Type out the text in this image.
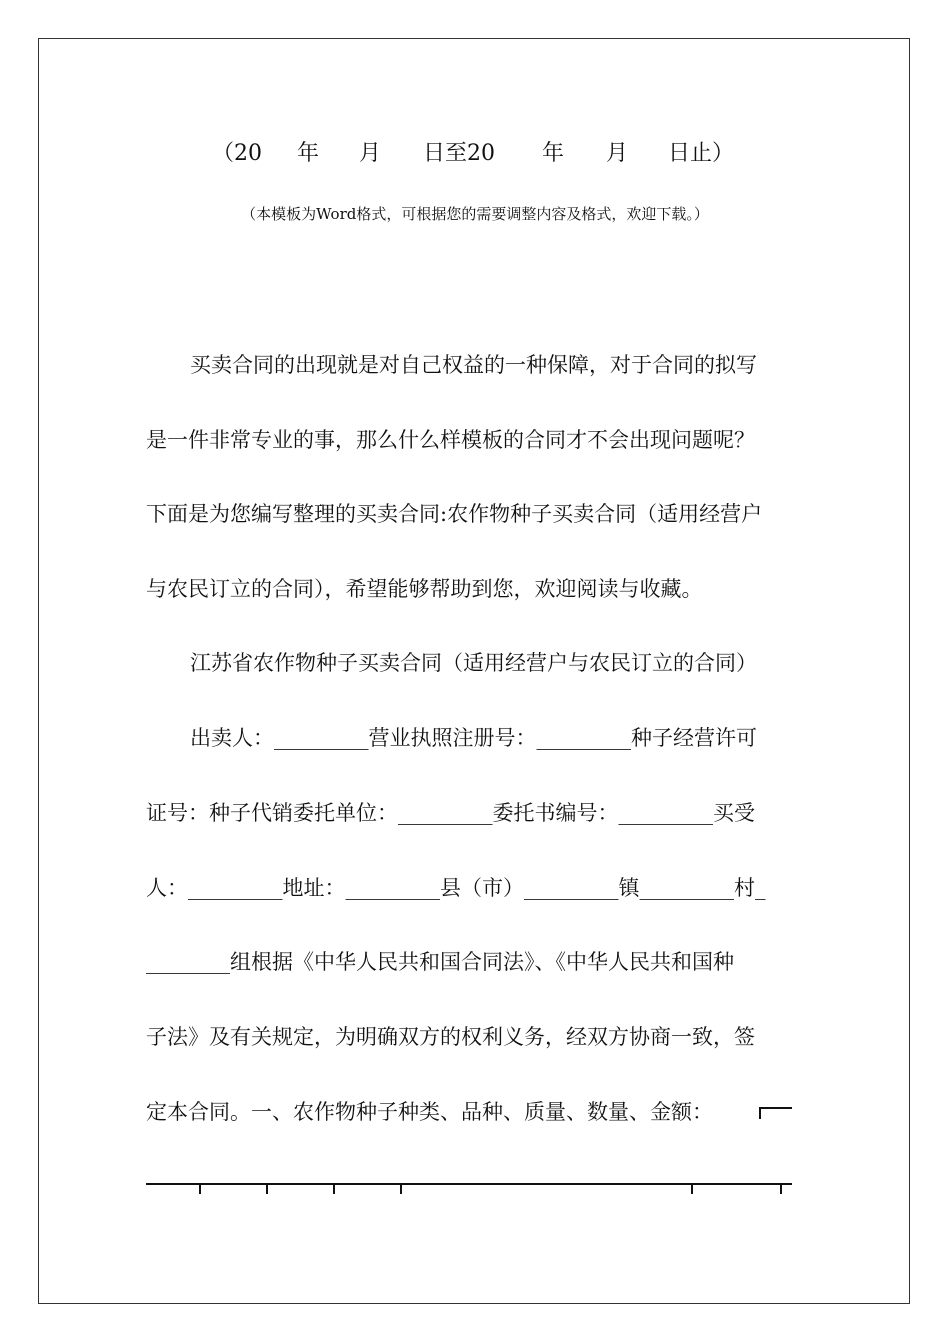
（20 年 月 日至20 年 月 日止）
（本模板为Word格式，可根据您的需要调整内容及格式，欢迎下载。）
买卖合同的出现就是对自己权益的一种保障，对于合同的拟写
是一件非常专业的事，那么什么样模板的合同才不会出现问题呢？
下面是为您编写整理的买卖合同:农作物种子买卖合同（适用经营户
与农民订立的合同），希望能够帮助到您，欢迎阅读与收藏。
江苏省农作物种子买卖合同（适用经营户与农民订立的合同）
出卖人：_________营业执照注册号：_________种子经营许可
证号：种子代销委托单位：_________委托书编号：_________买受
人：_________地址：_________县（市）_________镇_________村_
________组根据《中华人民共和国合同法》、《中华人民共和国种
子法》及有关规定，为明确双方的权利义务，经双方协商一致，签
定本合同。一、农作物种子种类、品种、质量、数量、金额：
